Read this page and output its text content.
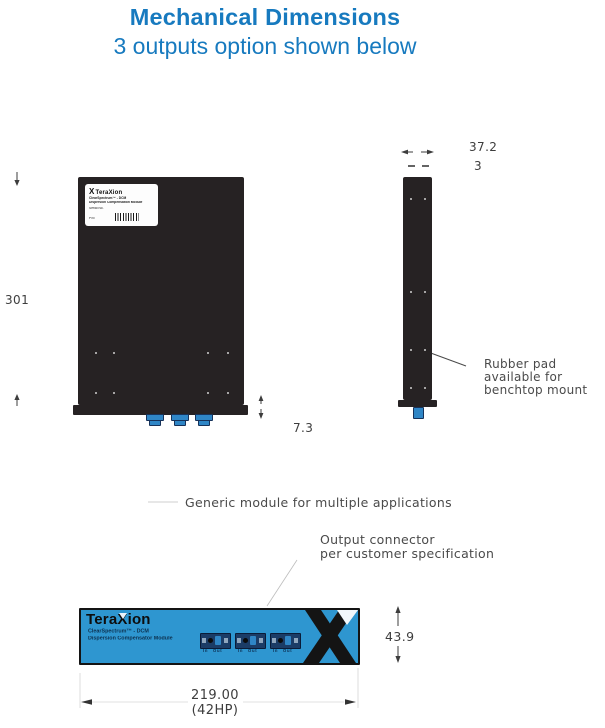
Mechanical Dimensions
3 outputs option shown below
301
XTeraXion
ClearSpectrum™ - DCM
Dispersion Compensation Module
Serial No.
P/N
7.3
37.2
3
Rubber pad
available for
benchtop mount
Generic module for multiple applications
Output connector
per customer specification
TeraXion
ClearSpectrum™ - DCM
Dispersion Compensator Module
In Out	In Out	In Out
43.9
219.00
(42HP)
